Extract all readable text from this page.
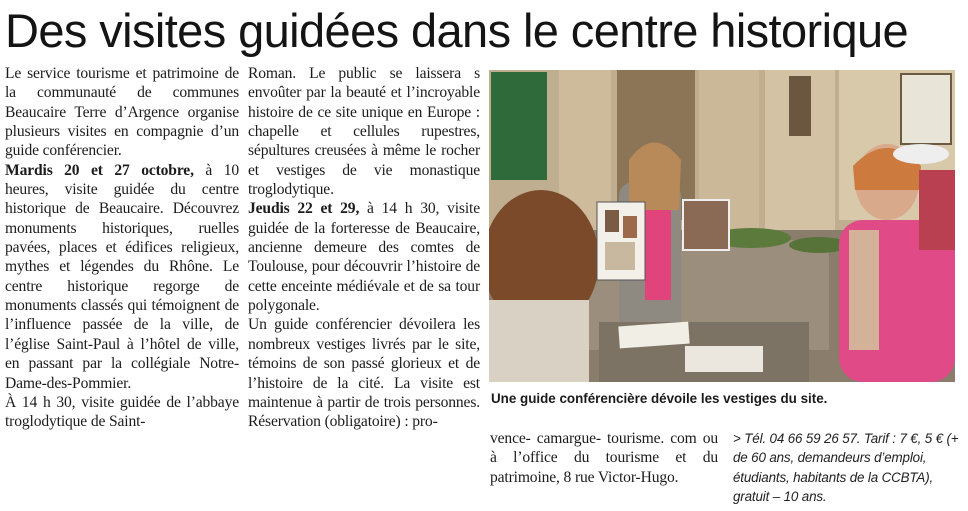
Des visites guidées dans le centre historique

Le service tourisme et patrimoine de la communauté de communes Beaucaire Terre d’Argence organise plusieurs visites en compagnie d’un guide conférencier.

Mardis 20 et 27 octobre, à 10 heures, visite guidée du centre historique de Beaucaire. Découvrez monuments historiques, ruelles pavées, places et édifices religieux, mythes et légendes du Rhône. Le centre historique regorge de monuments classés qui témoignent de l’influence passée de la ville, de l’église Saint-Paul à l’hôtel de ville, en passant par la collégiale Notre-Dame-des-Pommier.

À 14 h 30, visite guidée de l’abbaye troglodytique de Saint-

Roman. Le public se laissera s envoûter par la beauté et l’incroyable histoire de ce site unique en Europe : chapelle et cellules rupestres, sépultures creusées à même le rocher et vestiges de vie monastique troglodytique.

Jeudis 22 et 29, à 14 h 30, visite guidée de la forteresse de Beaucaire, ancienne demeure des comtes de Toulouse, pour découvrir l’histoire de cette enceinte médiévale et de sa tour polygonale.

Un guide conférencier dévoilera les nombreux vestiges livrés par le site, témoins de son passé glorieux et de l’histoire de la cité. La visite est maintenue à partir de trois personnes. Réservation (obligatoire) : pro-

Une guide conférencière dévoile les vestiges du site.

vence- camargue- tourisme. com ou à l’office du tourisme et du patrimoine, 8 rue Victor-Hugo.

> Tél. 04 66 59 26 57. Tarif : 7 €, 5 € (+ de 60 ans, demandeurs d’emploi, étudiants, habitants de la CCBTA), gratuit – 10 ans.
